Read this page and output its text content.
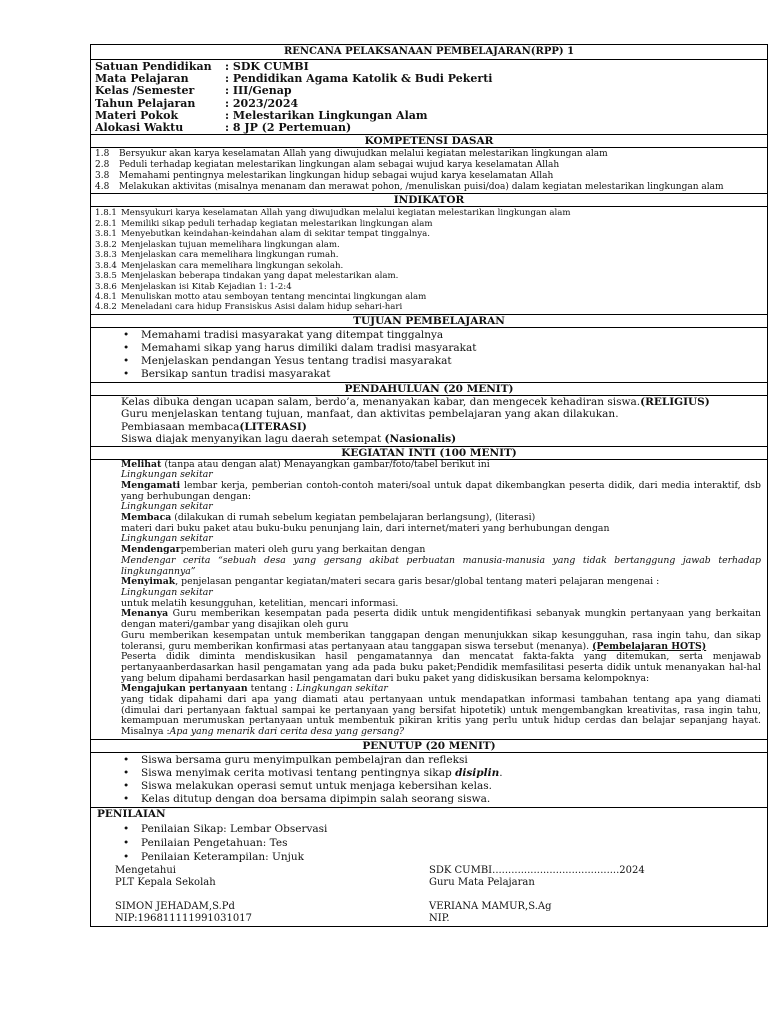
RENCANA PELAKSANAAN PEMBELAJARAN(RPP) 1
Satuan Pendidikan	: SDK CUMBI
Mata Pelajaran	: Pendidikan Agama Katolik & Budi Pekerti
Kelas /Semester	: III/Genap
Tahun Pelajaran	: 2023/2024
Materi Pokok	: Melestarikan Lingkungan Alam
Alokasi Waktu	: 8 JP (2 Pertemuan)
KOMPETENSI DASAR
1.8	Bersyukur akan karya keselamatan Allah yang diwujudkan melalui kegiatan melestarikan lingkungan alam
2.8	Peduli terhadap kegiatan melestarikan lingkungan alam sebagai wujud karya keselamatan Allah
3.8	Memahami pentingnya melestarikan lingkungan hidup sebagai wujud karya keselamatan Allah
4.8	Melakukan aktivitas (misalnya menanam dan merawat pohon, /menuliskan puisi/doa) dalam kegiatan melestarikan lingkungan alam
INDIKATOR
1.8.1 Mensyukuri karya keselamatan Allah yang diwujudkan melalui kegiatan melestarikan lingkungan alam
2.8.1 Memiliki sikap peduli terhadap kegiatan melestarikan lingkungan alam
3.8.1 Menyebutkan keindahan-keindahan alam di sekitar tempat tinggalnya.
3.8.2 Menjelaskan tujuan memelihara lingkungan alam.
3.8.3 Menjelaskan cara memelihara lingkungan rumah.
3.8.4 Menjelaskan cara memelihara lingkungan sekolah.
3.8.5 Menjelaskan beberapa tindakan yang dapat melestarikan alam.
3.8.6 Menjelaskan isi Kitab Kejadian 1: 1-2:4
4.8.1 Menuliskan motto atau semboyan tentang mencintai lingkungan alam
4.8.2 Meneladani cara hidup Fransiskus Asisi dalam hidup sehari-hari
TUJUAN PEMBELAJARAN
• Memahami tradisi masyarakat yang ditempat tinggalnya
• Memahami sikap yang harus dimiliki dalam tradisi masyarakat
• Menjelaskan pendangan Yesus tentang tradisi masyarakat
• Bersikap santun tradisi masyarakat
PENDAHULUAN (20 MENIT)

Kelas dibuka dengan ucapan salam, berdo’a, menanyakan kabar, dan mengecek kehadiran siswa.(RELIGIUS)

Guru menjelaskan tentang tujuan, manfaat, dan aktivitas pembelajaran yang akan dilakukan.

Pembiasaan membaca(LITERASI)

Siswa diajak menyanyikan lagu daerah setempat (Nasionalis)

KEGIATAN INTI (100 MENIT)

Melihat (tanpa atau dengan alat) Menayangkan gambar/foto/tabel berikut ini

Lingkungan sekitar

Mengamati lembar kerja, pemberian contoh-contoh materi/soal untuk dapat dikembangkan peserta didik, dari media interaktif, dsb yang berhubungan dengan:

Lingkungan sekitar

Membaca (dilakukan di rumah sebelum kegiatan pembelajaran berlangsung), (literasi)

materi dari buku paket atau buku-buku penunjang lain, dari internet/materi yang berhubungan dengan

Lingkungan sekitar

Mendengarpemberian materi oleh guru yang berkaitan dengan

Mendengar cerita “sebuah desa yang gersang akibat perbuatan manusia-manusia yang tidak bertanggung jawab terhadap lingkungannya”

Menyimak, penjelasan pengantar kegiatan/materi secara garis besar/global tentang materi pelajaran mengenai :

Lingkungan sekitar

untuk melatih kesungguhan, ketelitian, mencari informasi.

Menanya Guru memberikan kesempatan pada peserta didik untuk mengidentifikasi sebanyak mungkin pertanyaan yang berkaitan dengan materi/gambar yang disajikan oleh guru

Guru memberikan kesempatan untuk memberikan tanggapan dengan menunjukkan sikap kesungguhan, rasa ingin tahu, dan sikap toleransi, guru memberikan konfirmasi atas pertanyaan atau tanggapan siswa tersebut (menanya). (Pembelajaran HOTS)

Peserta didik diminta mendiskusikan hasil pengamatannya dan mencatat fakta-fakta yang ditemukan, serta menjawab pertanyaanberdasarkan hasil pengamatan yang ada pada buku paket;Pendidik memfasilitasi peserta didik untuk menanyakan hal-hal yang belum dipahami berdasarkan hasil pengamatan dari buku paket yang didiskusikan bersama kelompoknya:

Mengajukan pertanyaan tentang : Lingkungan sekitar

yang tidak dipahami dari apa yang diamati atau pertanyaan untuk mendapatkan informasi tambahan tentang apa yang diamati (dimulai dari pertanyaan faktual sampai ke pertanyaan yang bersifat hipotetik) untuk mengembangkan kreativitas, rasa ingin tahu, kemampuan merumuskan pertanyaan untuk membentuk pikiran kritis yang perlu untuk hidup cerdas dan belajar sepanjang hayat. Misalnya :Apa yang menarik dari cerita desa yang gersang?

PENUTUP (20 MENIT)
• Siswa bersama guru menyimpulkan pembelajran dan refleksi
• Siswa menyimak cerita motivasi tentang pentingnya sikap disiplin.
• Siswa melakukan operasi semut untuk menjaga kebersihan kelas.
• Kelas ditutup dengan doa bersama dipimpin salah seorang siswa.
PENILAIAN
• Penilaian Sikap: Lembar Observasi
• Penilaian Pengetahuan: Tes
• Penilaian Keterampilan: Unjuk
Mengetahui
PLT Kepala Sekolah
SIMON JEHADAM,S.Pd
NIP:196811111991031017
SDK CUMBI........................................2024
Guru Mata Pelajaran
VERIANA MAMUR,S.Ag
NIP.
